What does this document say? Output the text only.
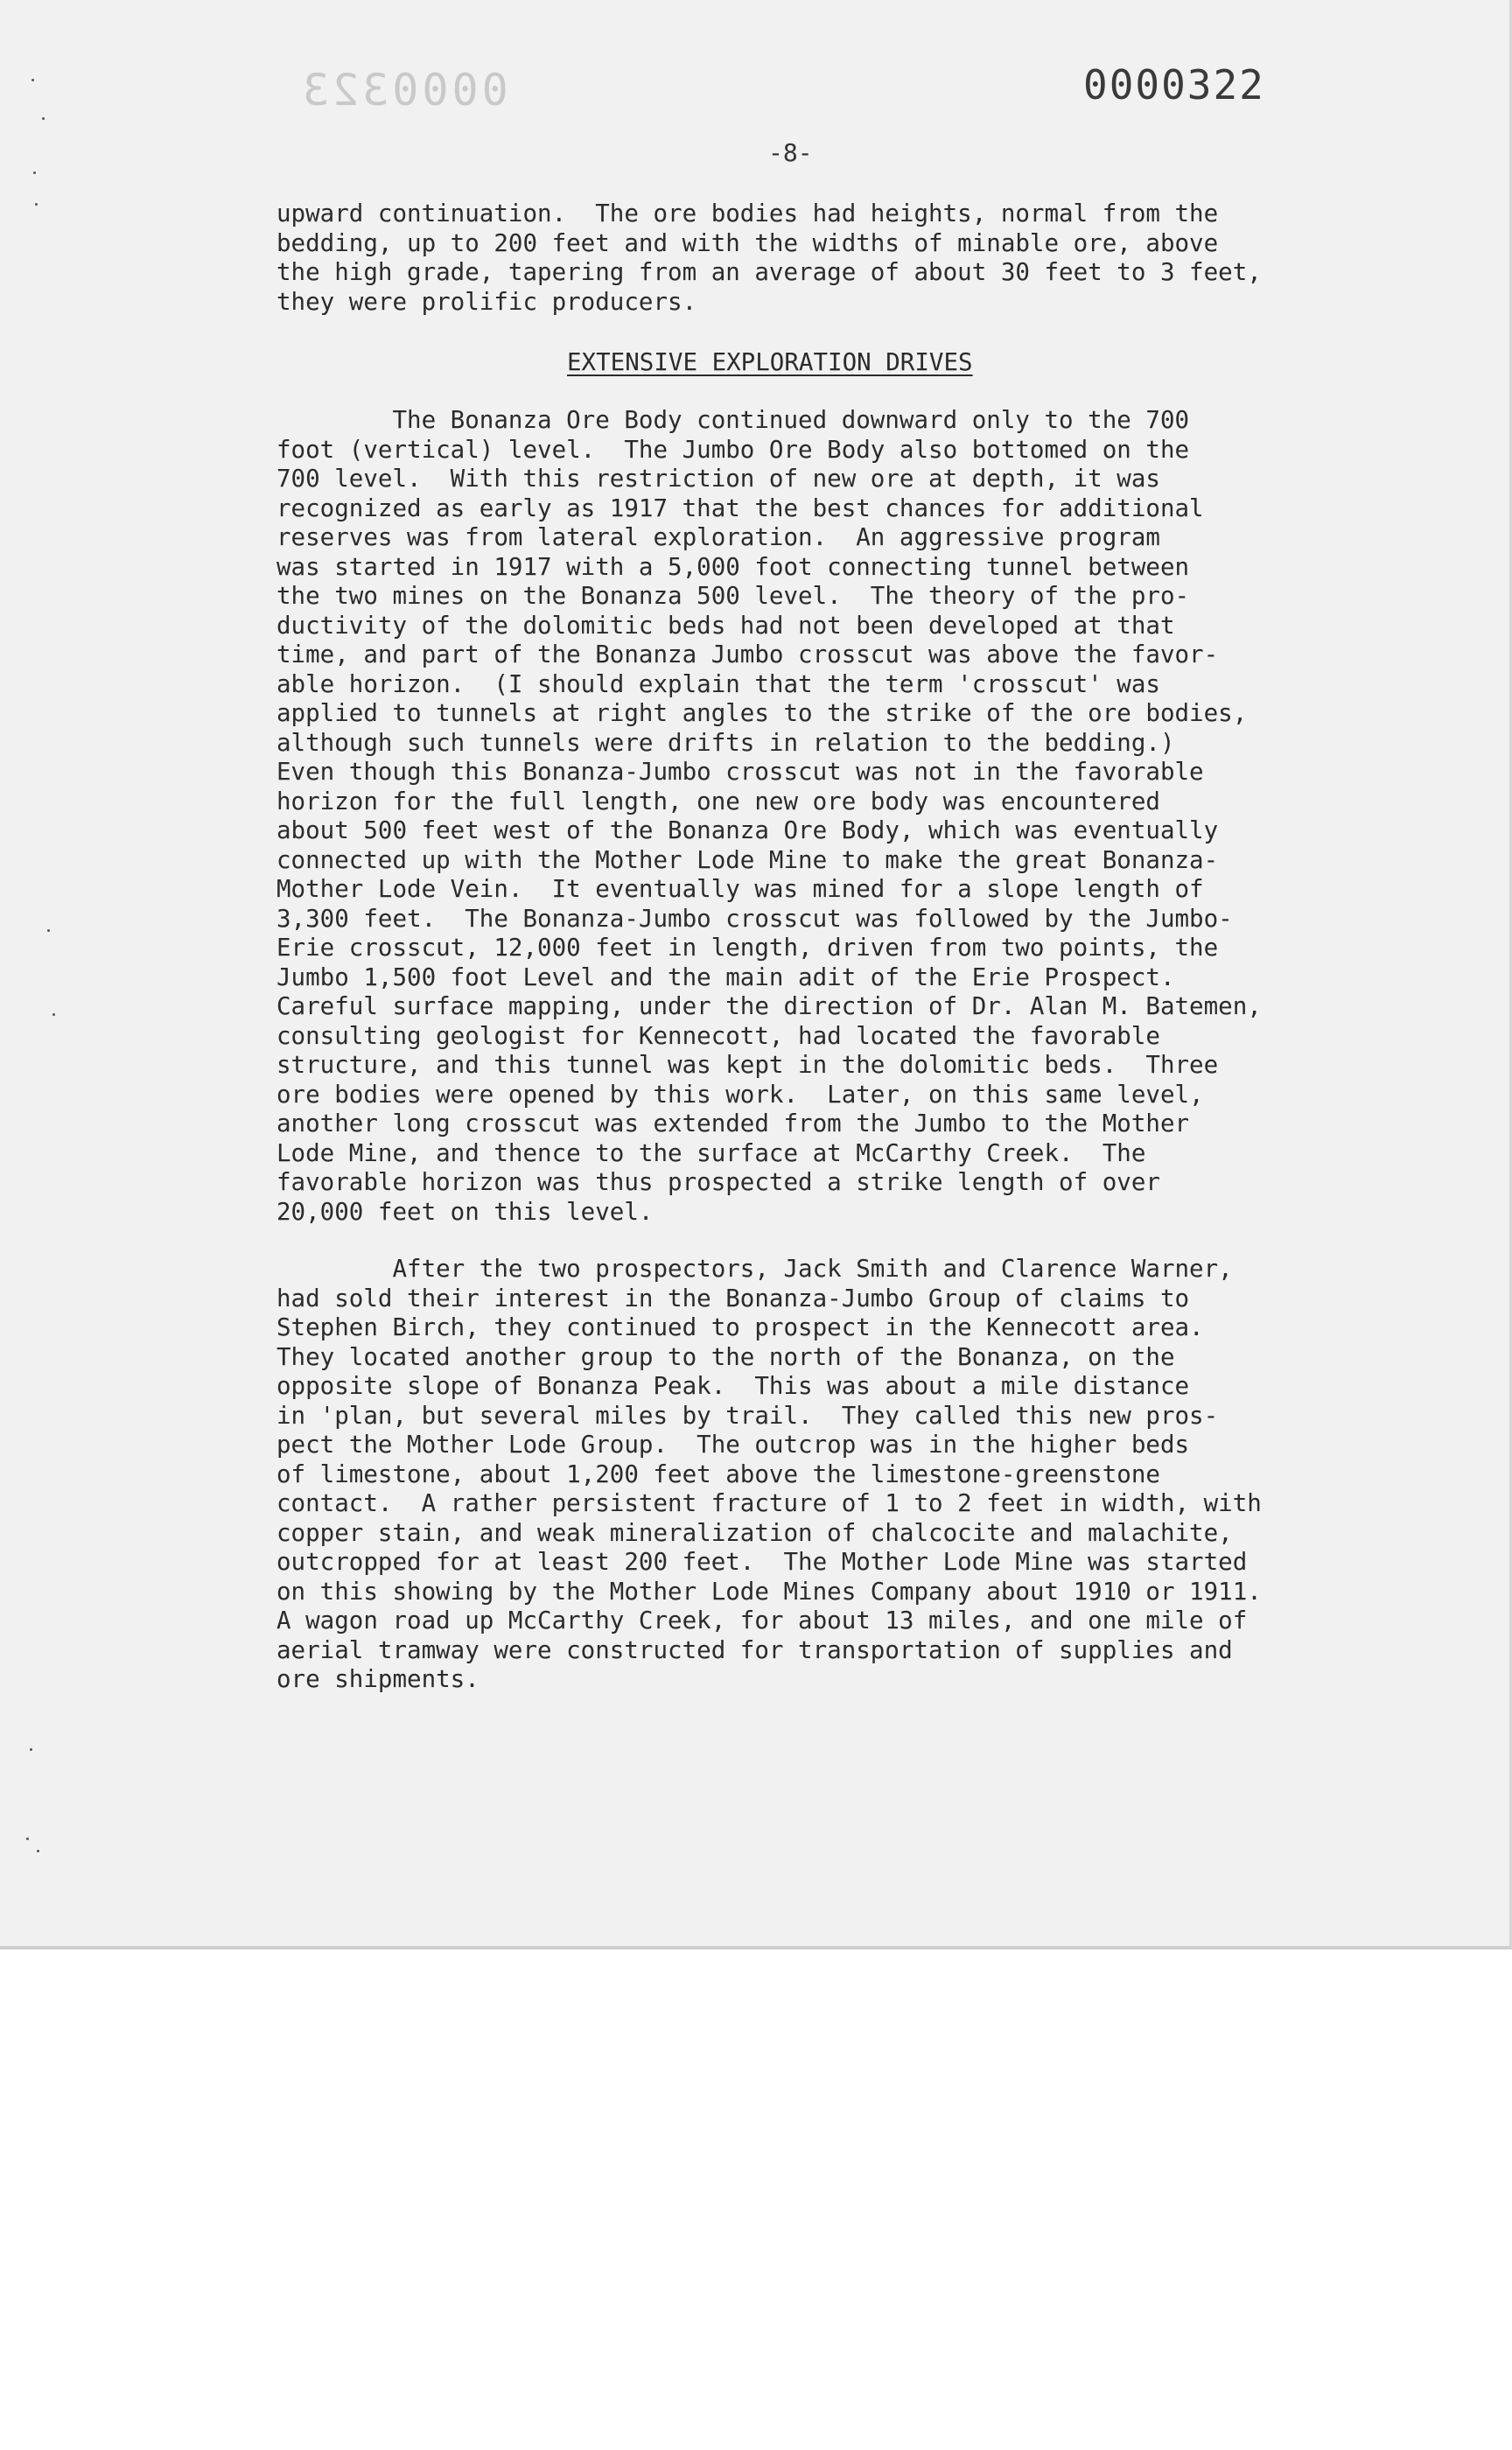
0000323	0000322
-8-
upward continuation.  The ore bodies had heights, normal from the
bedding, up to 200 feet and with the widths of minable ore, above
the high grade, tapering from an average of about 30 feet to 3 feet,
they were prolific producers.
EXTENSIVE EXPLORATION DRIVES
The Bonanza Ore Body continued downward only to the 700
foot (vertical) level.  The Jumbo Ore Body also bottomed on the
700 level.  With this restriction of new ore at depth, it was
recognized as early as 1917 that the best chances for additional
reserves was from lateral exploration.  An aggressive program
was started in 1917 with a 5,000 foot connecting tunnel between
the two mines on the Bonanza 500 level.  The theory of the pro-
ductivity of the dolomitic beds had not been developed at that
time, and part of the Bonanza Jumbo crosscut was above the favor-
able horizon.  (I should explain that the term 'crosscut' was
applied to tunnels at right angles to the strike of the ore bodies,
although such tunnels were drifts in relation to the bedding.)
Even though this Bonanza-Jumbo crosscut was not in the favorable
horizon for the full length, one new ore body was encountered
about 500 feet west of the Bonanza Ore Body, which was eventually
connected up with the Mother Lode Mine to make the great Bonanza-
Mother Lode Vein.  It eventually was mined for a slope length of
3,300 feet.  The Bonanza-Jumbo crosscut was followed by the Jumbo-
Erie crosscut, 12,000 feet in length, driven from two points, the
Jumbo 1,500 foot Level and the main adit of the Erie Prospect.
Careful surface mapping, under the direction of Dr. Alan M. Batemen,
consulting geologist for Kennecott, had located the favorable
structure, and this tunnel was kept in the dolomitic beds.  Three
ore bodies were opened by this work.  Later, on this same level,
another long crosscut was extended from the Jumbo to the Mother
Lode Mine, and thence to the surface at McCarthy Creek.  The
favorable horizon was thus prospected a strike length of over
20,000 feet on this level.
After the two prospectors, Jack Smith and Clarence Warner,
had sold their interest in the Bonanza-Jumbo Group of claims to
Stephen Birch, they continued to prospect in the Kennecott area.
They located another group to the north of the Bonanza, on the
opposite slope of Bonanza Peak.  This was about a mile distance
in 'plan, but several miles by trail.  They called this new pros-
pect the Mother Lode Group.  The outcrop was in the higher beds
of limestone, about 1,200 feet above the limestone-greenstone
contact.  A rather persistent fracture of 1 to 2 feet in width, with
copper stain, and weak mineralization of chalcocite and malachite,
outcropped for at least 200 feet.  The Mother Lode Mine was started
on this showing by the Mother Lode Mines Company about 1910 or 1911.
A wagon road up McCarthy Creek, for about 13 miles, and one mile of
aerial tramway were constructed for transportation of supplies and
ore shipments.
